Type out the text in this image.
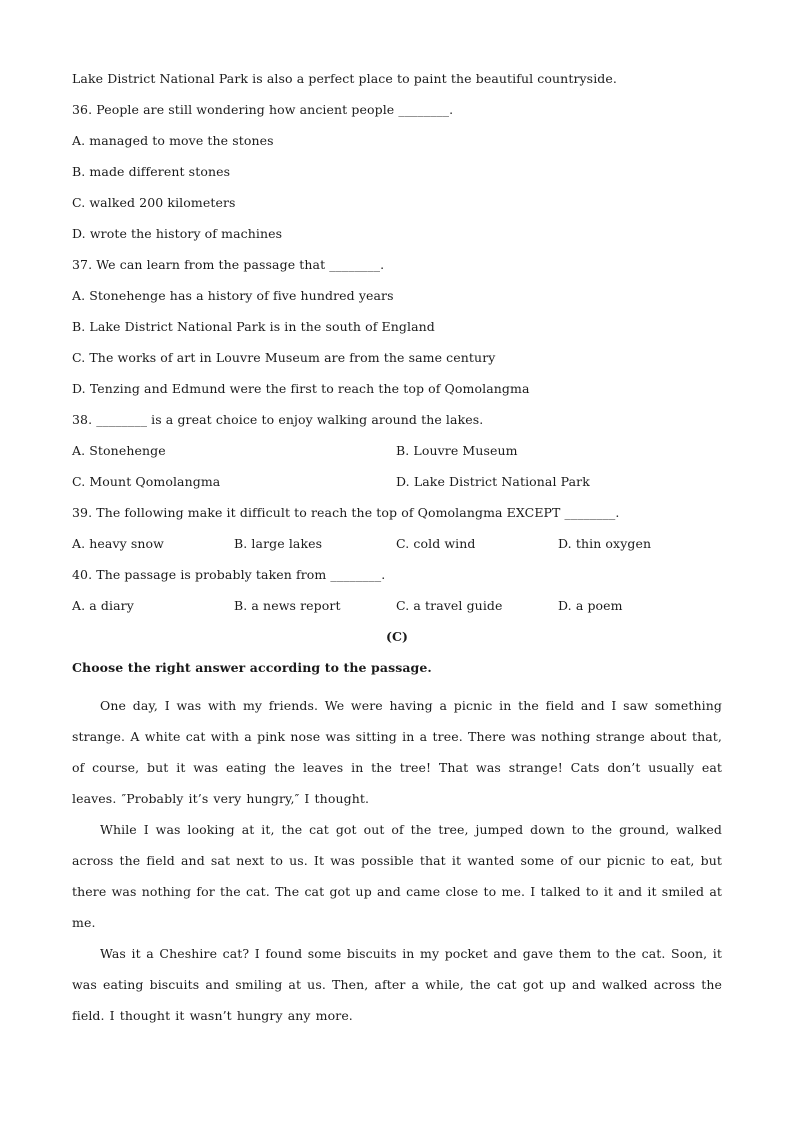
Lake District National Park is also a perfect place to paint the beautiful countryside.
36. People are still wondering how ancient people ________.
A. managed to move the stones
B. made different stones
C. walked 200 kilometers
D. wrote the history of machines
37. We can learn from the passage that ________.
A. Stonehenge has a history of five hundred years
B. Lake District National Park is in the south of England
C. The works of art in Louvre Museum are from the same century
D. Tenzing and Edmund were the first to reach the top of Qomolangma
38. ________ is a great choice to enjoy walking around the lakes.
A. Stonehenge	B. Louvre Museum
C. Mount Qomolangma	D. Lake District National Park
39. The following make it difficult to reach the top of Qomolangma EXCEPT ________.
A. heavy snow	B. large lakes	C. cold wind	D. thin oxygen
40. The passage is probably taken from ________.
A. a diary	B. a news report	C. a travel guide	D. a poem
(C)
Choose the right answer according to the passage.

One day, I was with my friends. We were having a picnic in the field and I saw something strange. A white cat with a pink nose was sitting in a tree. There was nothing strange about that, of course, but it was eating the leaves in the tree! That was strange! Cats don’t usually eat leaves. ″Probably it’s very hungry,″ I thought.

While I was looking at it, the cat got out of the tree, jumped down to the ground, walked across the field and sat next to us. It was possible that it wanted some of our picnic to eat, but there was nothing for the cat. The cat got up and came close to me. I talked to it and it smiled at me.

Was it a Cheshire cat? I found some biscuits in my pocket and gave them to the cat. Soon, it was eating biscuits and smiling at us. Then, after a while, the cat got up and walked across the field. I thought it wasn’t hungry any more.
